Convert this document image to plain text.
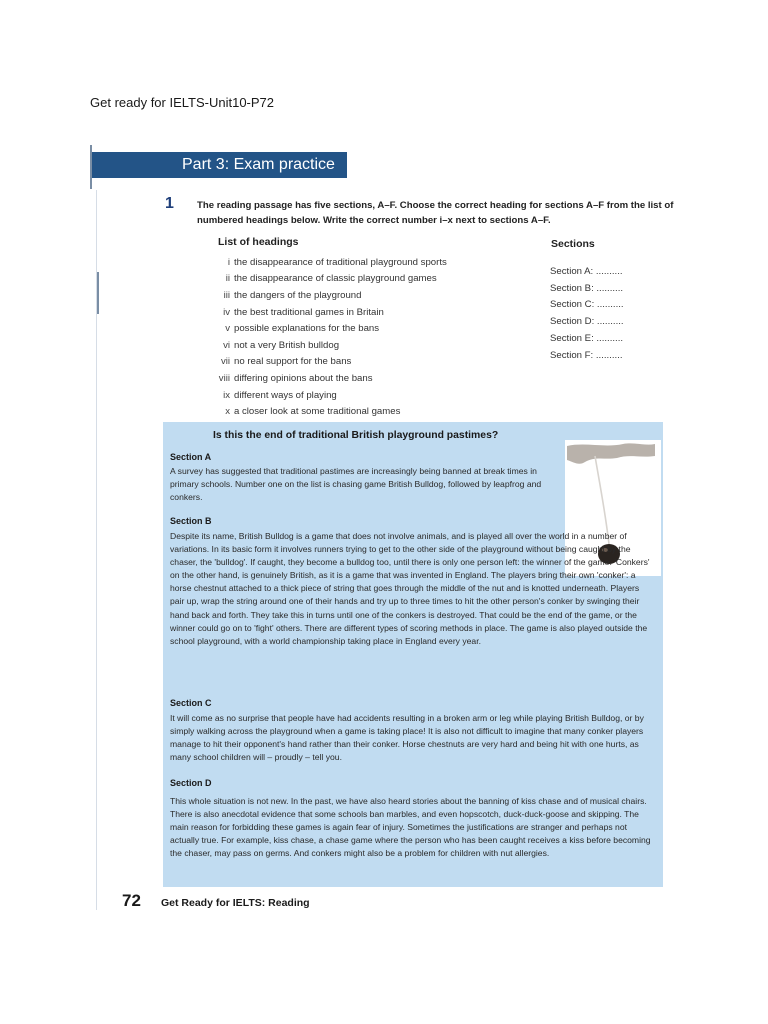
Get ready for IELTS-Unit10-P72
Part 3: Exam practice
1 The reading passage has five sections, A–F. Choose the correct heading for sections A–F from the list of numbered headings below. Write the correct number i–x next to sections A–F.
List of headings	Sections
i the disappearance of traditional playground sports
ii the disappearance of classic playground games
iii the dangers of the playground
iv the best traditional games in Britain
v possible explanations for the bans
vi not a very British bulldog
vii no real support for the bans
viii differing opinions about the bans
ix different ways of playing
x a closer look at some traditional games
Section A: ..........
Section B: ..........
Section C: ..........
Section D: ..........
Section E: ..........
Section F: ..........
Is this the end of traditional British playground pastimes?
Section A
A survey has suggested that traditional pastimes are increasingly being banned at break times in primary schools. Number one on the list is chasing game British Bulldog, followed by leapfrog and conkers.
Section B
Despite its name, British Bulldog is a game that does not involve animals, and is played all over the world in a number of variations. In its basic form it involves runners trying to get to the other side of the playground without being caught by the chaser, the 'bulldog'. If caught, they become a bulldog too, until there is only one person left: the winner of the game. 'Conkers' on the other hand, is genuinely British, as it is a game that was invented in England. The players bring their own 'conker': a horse chestnut attached to a thick piece of string that goes through the middle of the nut and is knotted underneath. Players pair up, wrap the string around one of their hands and try up to three times to hit the other person's conker by swinging their hand back and forth. They take this in turns until one of the conkers is destroyed. That could be the end of the game, or the winner could go on to 'fight' others. There are different types of scoring methods in place. The game is also played outside the school playground, with a world championship taking place in England every year.
Section C
It will come as no surprise that people have had accidents resulting in a broken arm or leg while playing British Bulldog, or by simply walking across the playground when a game is taking place! It is also not difficult to imagine that many conker players manage to hit their opponent's hand rather than their conker. Horse chestnuts are very hard and being hit with one hurts, as many school children will – proudly – tell you.
Section D
This whole situation is not new. In the past, we have also heard stories about the banning of kiss chase and of musical chairs. There is also anecdotal evidence that some schools ban marbles, and even hopscotch, duck-duck-goose and skipping. The main reason for forbidding these games is again fear of injury. Sometimes the justifications are stranger and perhaps not actually true. For example, kiss chase, a chase game where the person who has been caught receives a kiss before becoming the chaser, may pass on germs. And conkers might also be a problem for children with nut allergies.
72 Get Ready for IELTS: Reading
